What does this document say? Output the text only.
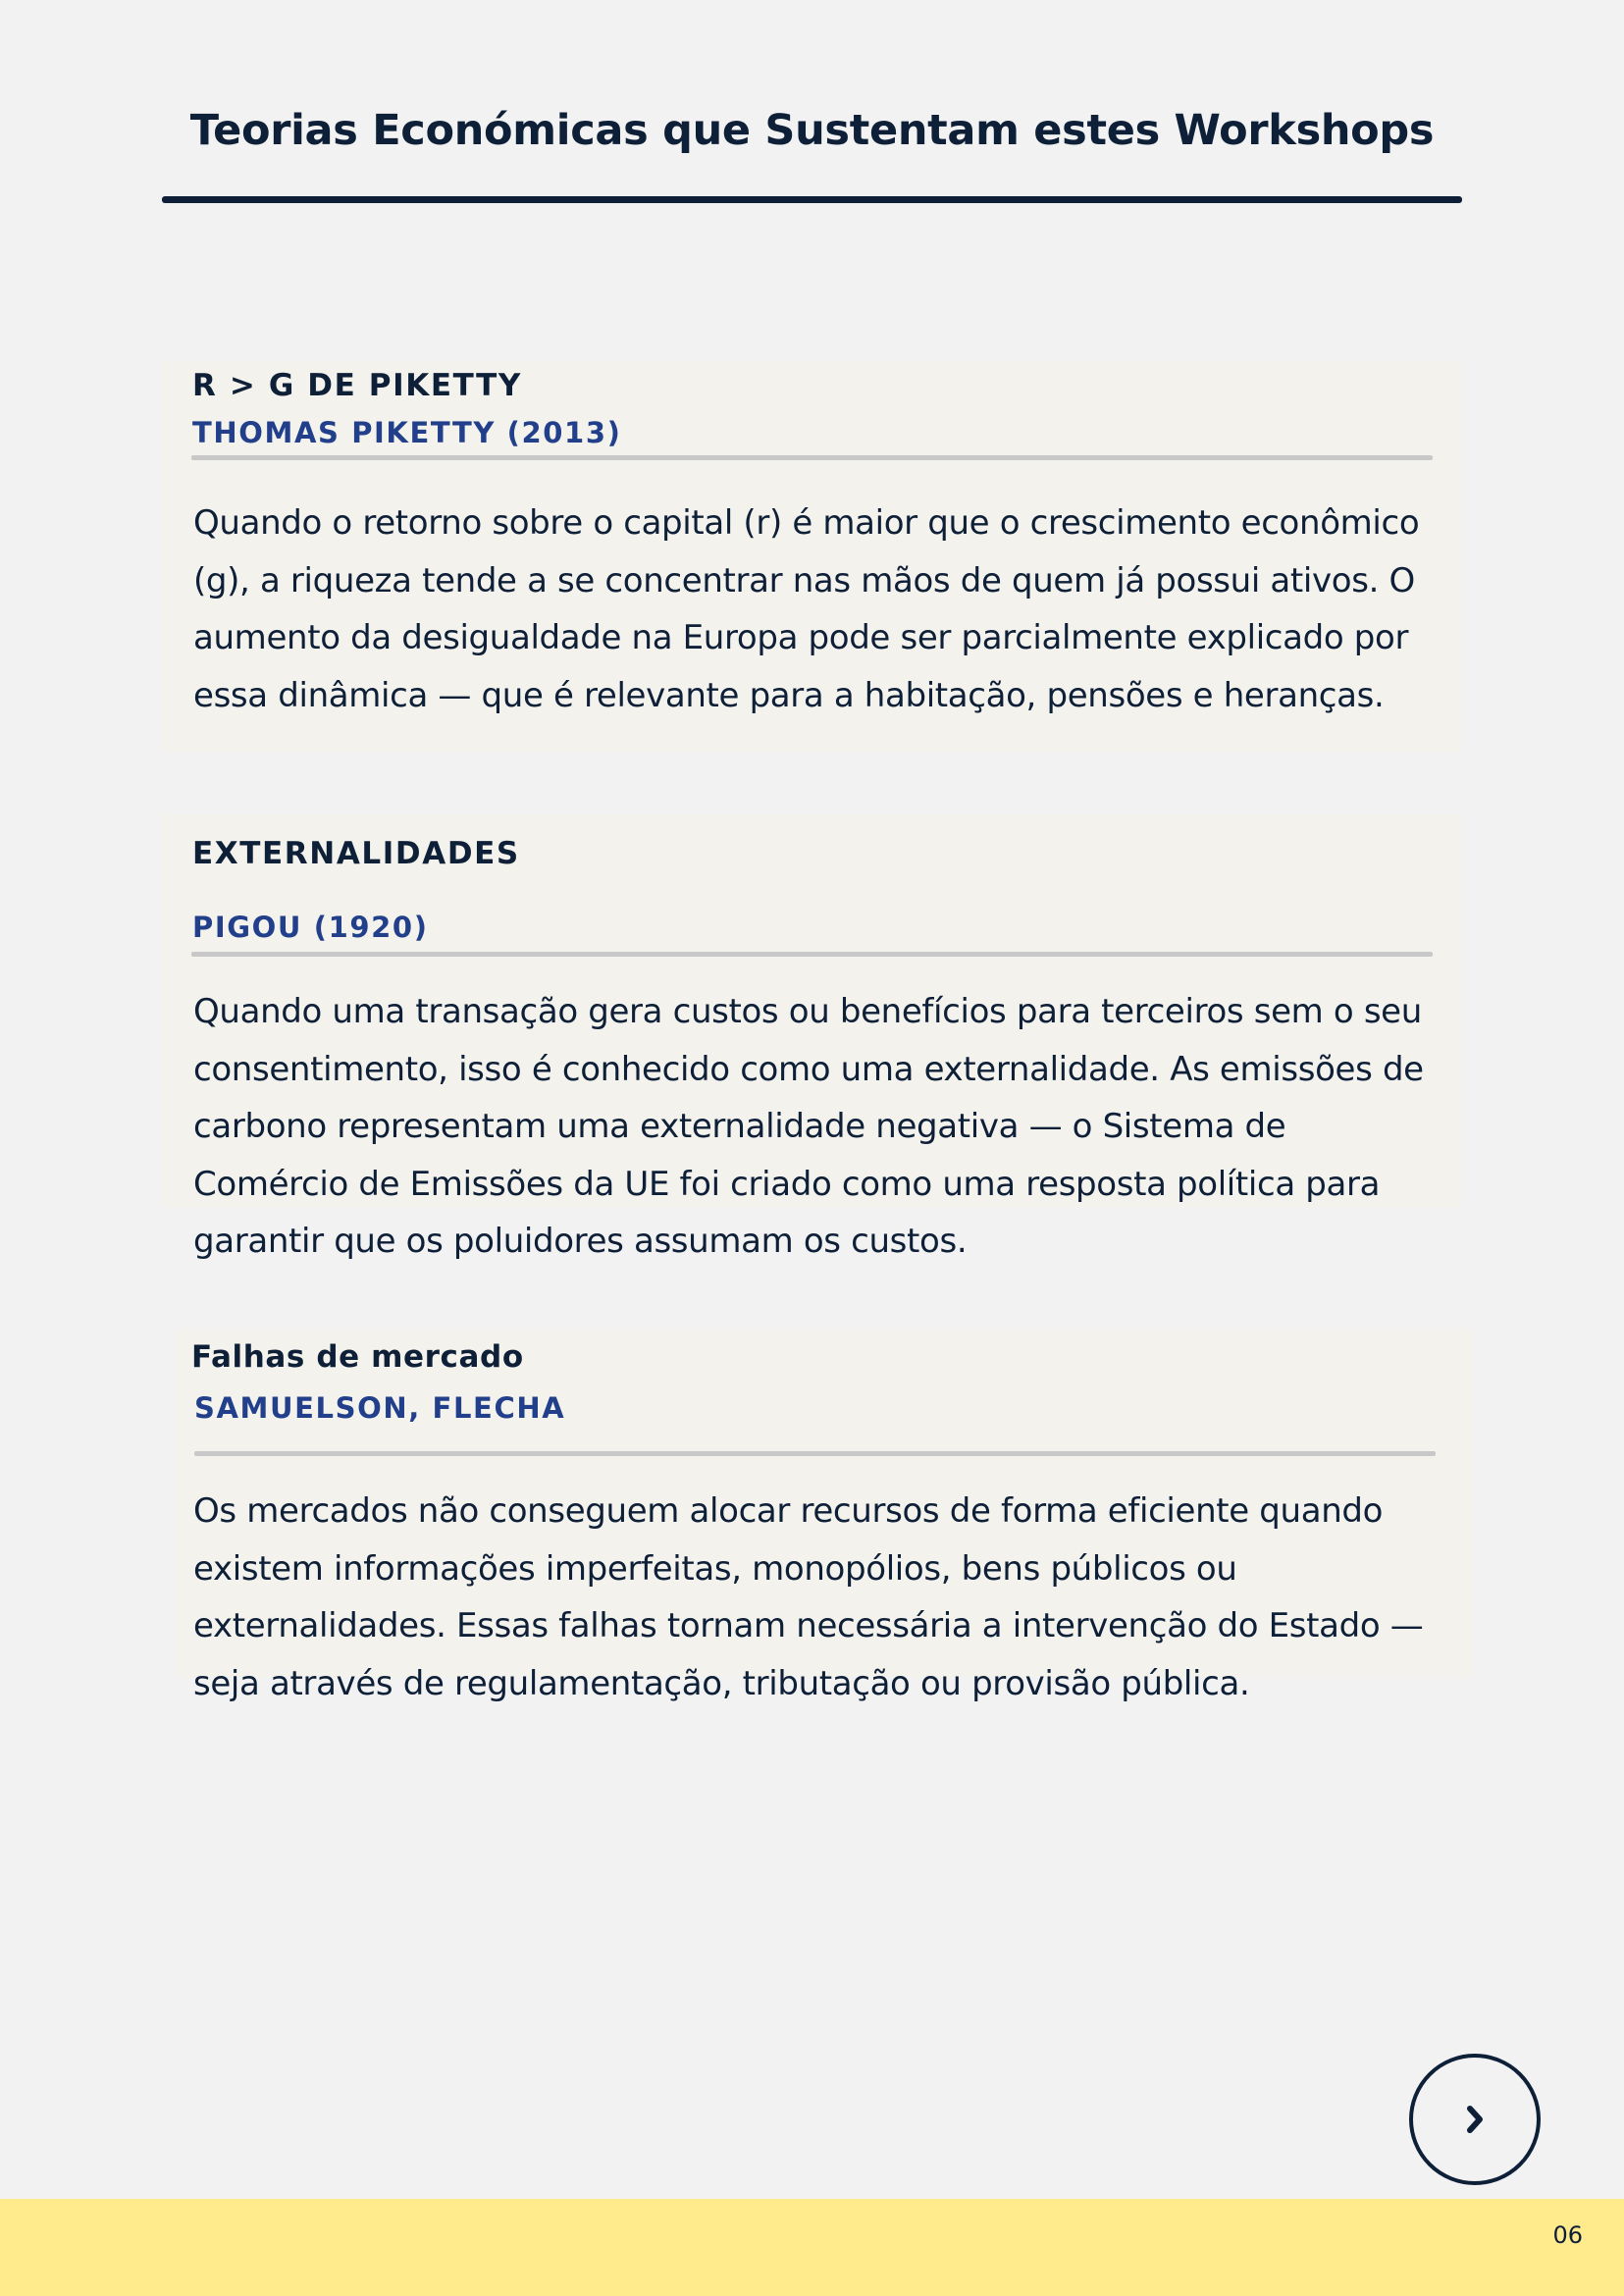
Teorias Económicas que Sustentam estes Workshops
R > G DE PIKETTY

THOMAS PIKETTY (2013)

Quando o retorno sobre o capital (r) é maior que o crescimento econômico (g), a riqueza tende a se concentrar nas mãos de quem já possui ativos. O aumento da desigualdade na Europa pode ser parcialmente explicado por essa dinâmica — que é relevante para a habitação, pensões e heranças.

EXTERNALIDADES

PIGOU (1920)

Quando uma transação gera custos ou benefícios para terceiros sem o seu consentimento, isso é conhecido como uma externalidade. As emissões de carbono representam uma externalidade negativa — o Sistema de Comércio de Emissões da UE foi criado como uma resposta política para garantir que os poluidores assumam os custos.

Falhas de mercado

SAMUELSON, FLECHA

Os mercados não conseguem alocar recursos de forma eficiente quando existem informações imperfeitas, monopólios, bens públicos ou externalidades. Essas falhas tornam necessária a intervenção do Estado — seja através de regulamentação, tributação ou provisão pública.

06
